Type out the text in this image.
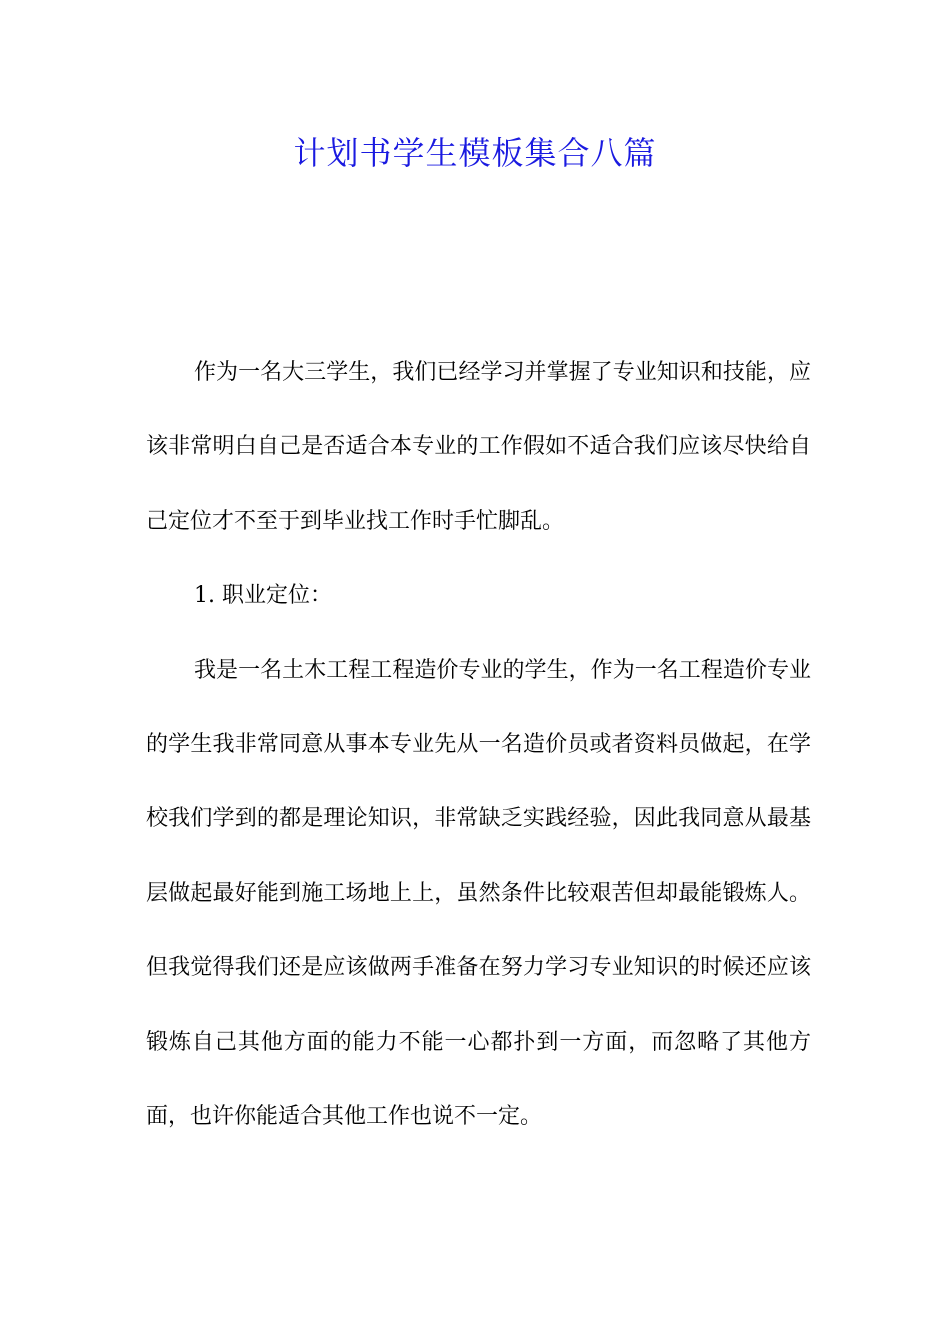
计划书学生模板集合八篇

作为一名大三学生，我们已经学习并掌握了专业知识和技能，应该非常明白自己是否适合本专业的工作假如不适合我们应该尽快给自己定位才不至于到毕业找工作时手忙脚乱。

1. 职业定位：

我是一名土木工程工程造价专业的学生，作为一名工程造价专业的学生我非常同意从事本专业先从一名造价员或者资料员做起，在学校我们学到的都是理论知识，非常缺乏实践经验，因此我同意从最基层做起最好能到施工场地上上，虽然条件比较艰苦但却最能锻炼人。但我觉得我们还是应该做两手准备在努力学习专业知识的时候还应该锻炼自己其他方面的能力不能一心都扑到一方面，而忽略了其他方面，也许你能适合其他工作也说不一定。
